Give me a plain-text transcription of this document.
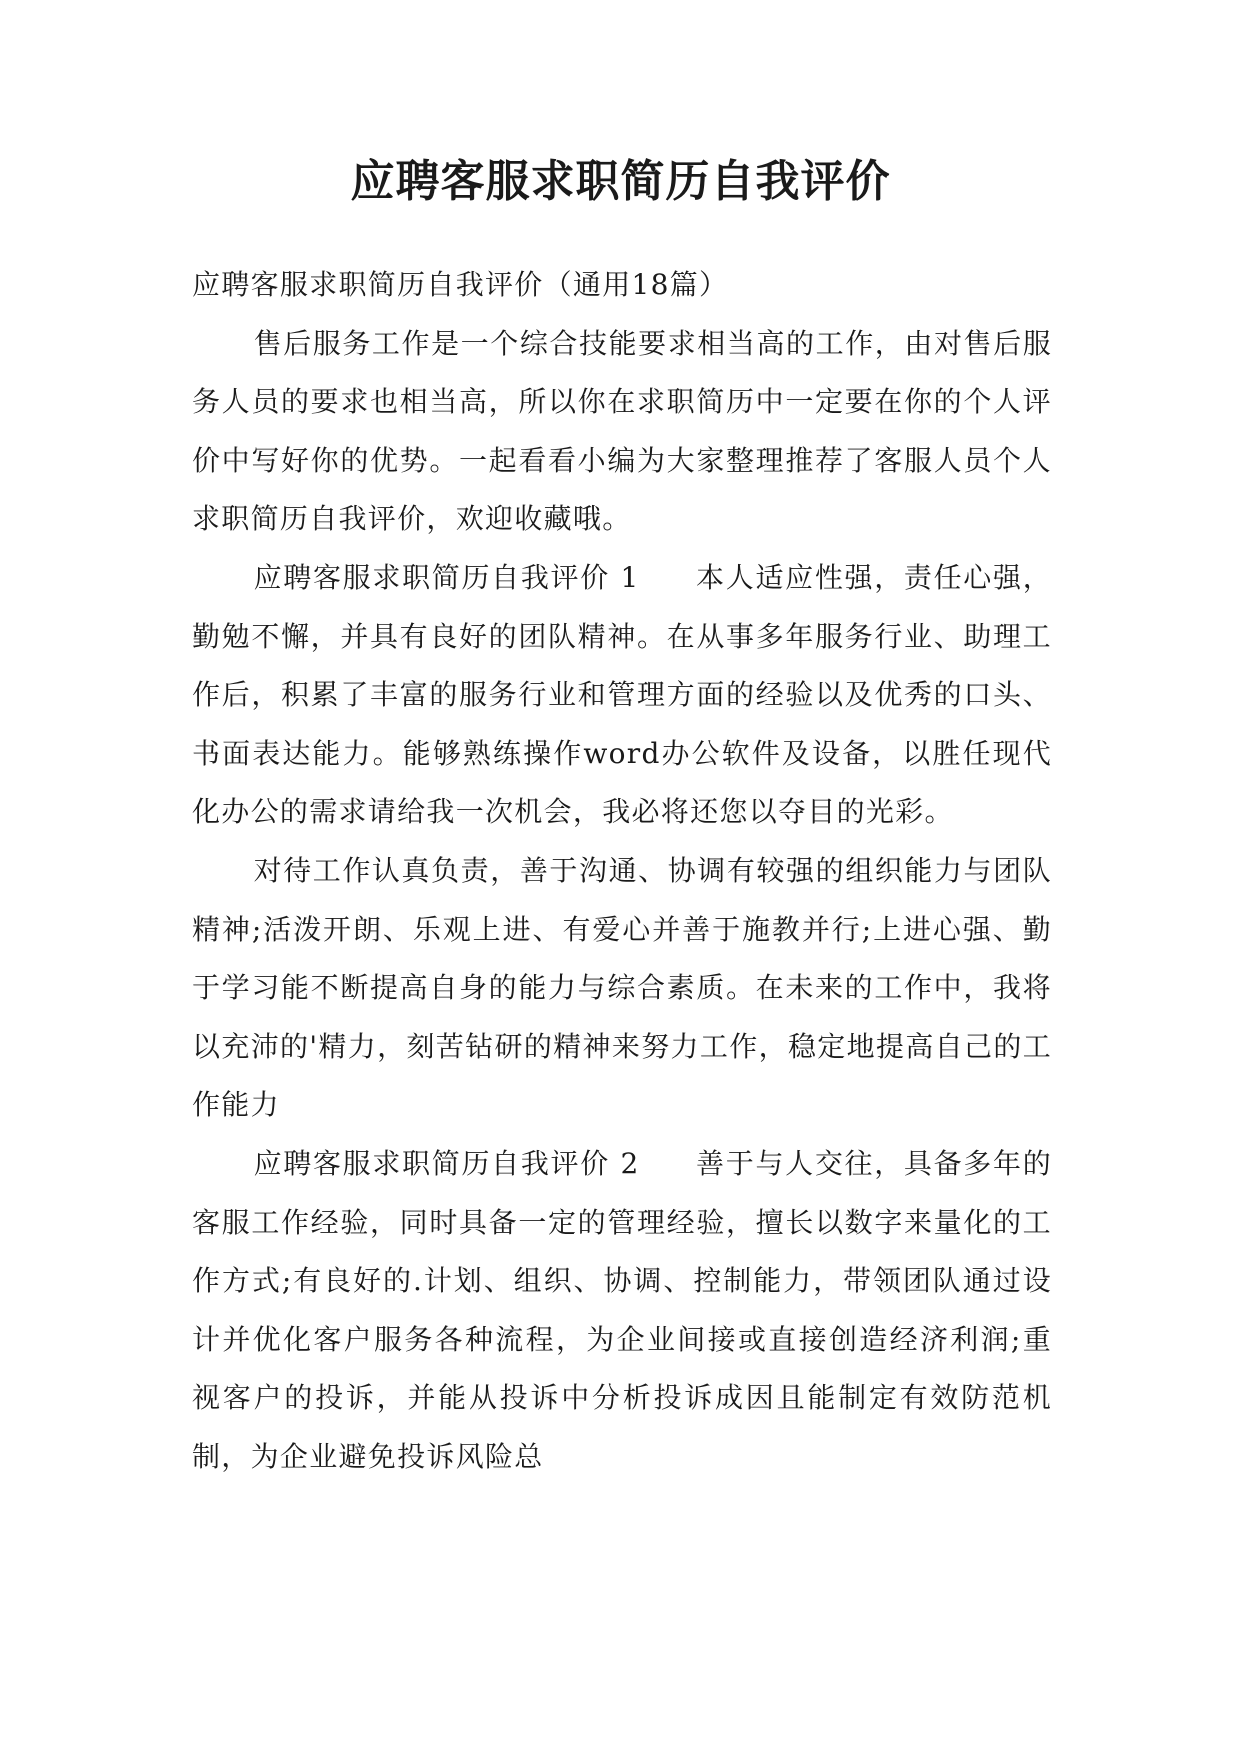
应聘客服求职简历自我评价

应聘客服求职简历自我评价（通用18篇）

售后服务工作是一个综合技能要求相当高的工作，由对售后服务人员的要求也相当高，所以你在求职简历中一定要在你的个人评价中写好你的优势。一起看看小编为大家整理推荐了客服人员个人求职简历自我评价，欢迎收藏哦。

应聘客服求职简历自我评价 1 本人适应性强，责任心强，勤勉不懈，并具有良好的团队精神。在从事多年服务行业、助理工作后，积累了丰富的服务行业和管理方面的经验以及优秀的口头、书面表达能力。能够熟练操作word办公软件及设备，以胜任现代化办公的需求请给我一次机会，我必将还您以夺目的光彩。

对待工作认真负责，善于沟通、协调有较强的组织能力与团队精神;活泼开朗、乐观上进、有爱心并善于施教并行;上进心强、勤于学习能不断提高自身的能力与综合素质。在未来的工作中，我将以充沛的'精力，刻苦钻研的精神来努力工作，稳定地提高自己的工作能力

应聘客服求职简历自我评价 2 善于与人交往，具备多年的客服工作经验，同时具备一定的管理经验，擅长以数字来量化的工作方式;有良好的.计划、组织、协调、控制能力，带领团队通过设计并优化客户服务各种流程，为企业间接或直接创造经济利润;重视客户的投诉，并能从投诉中分析投诉成因且能制定有效防范机制，为企业避免投诉风险总
